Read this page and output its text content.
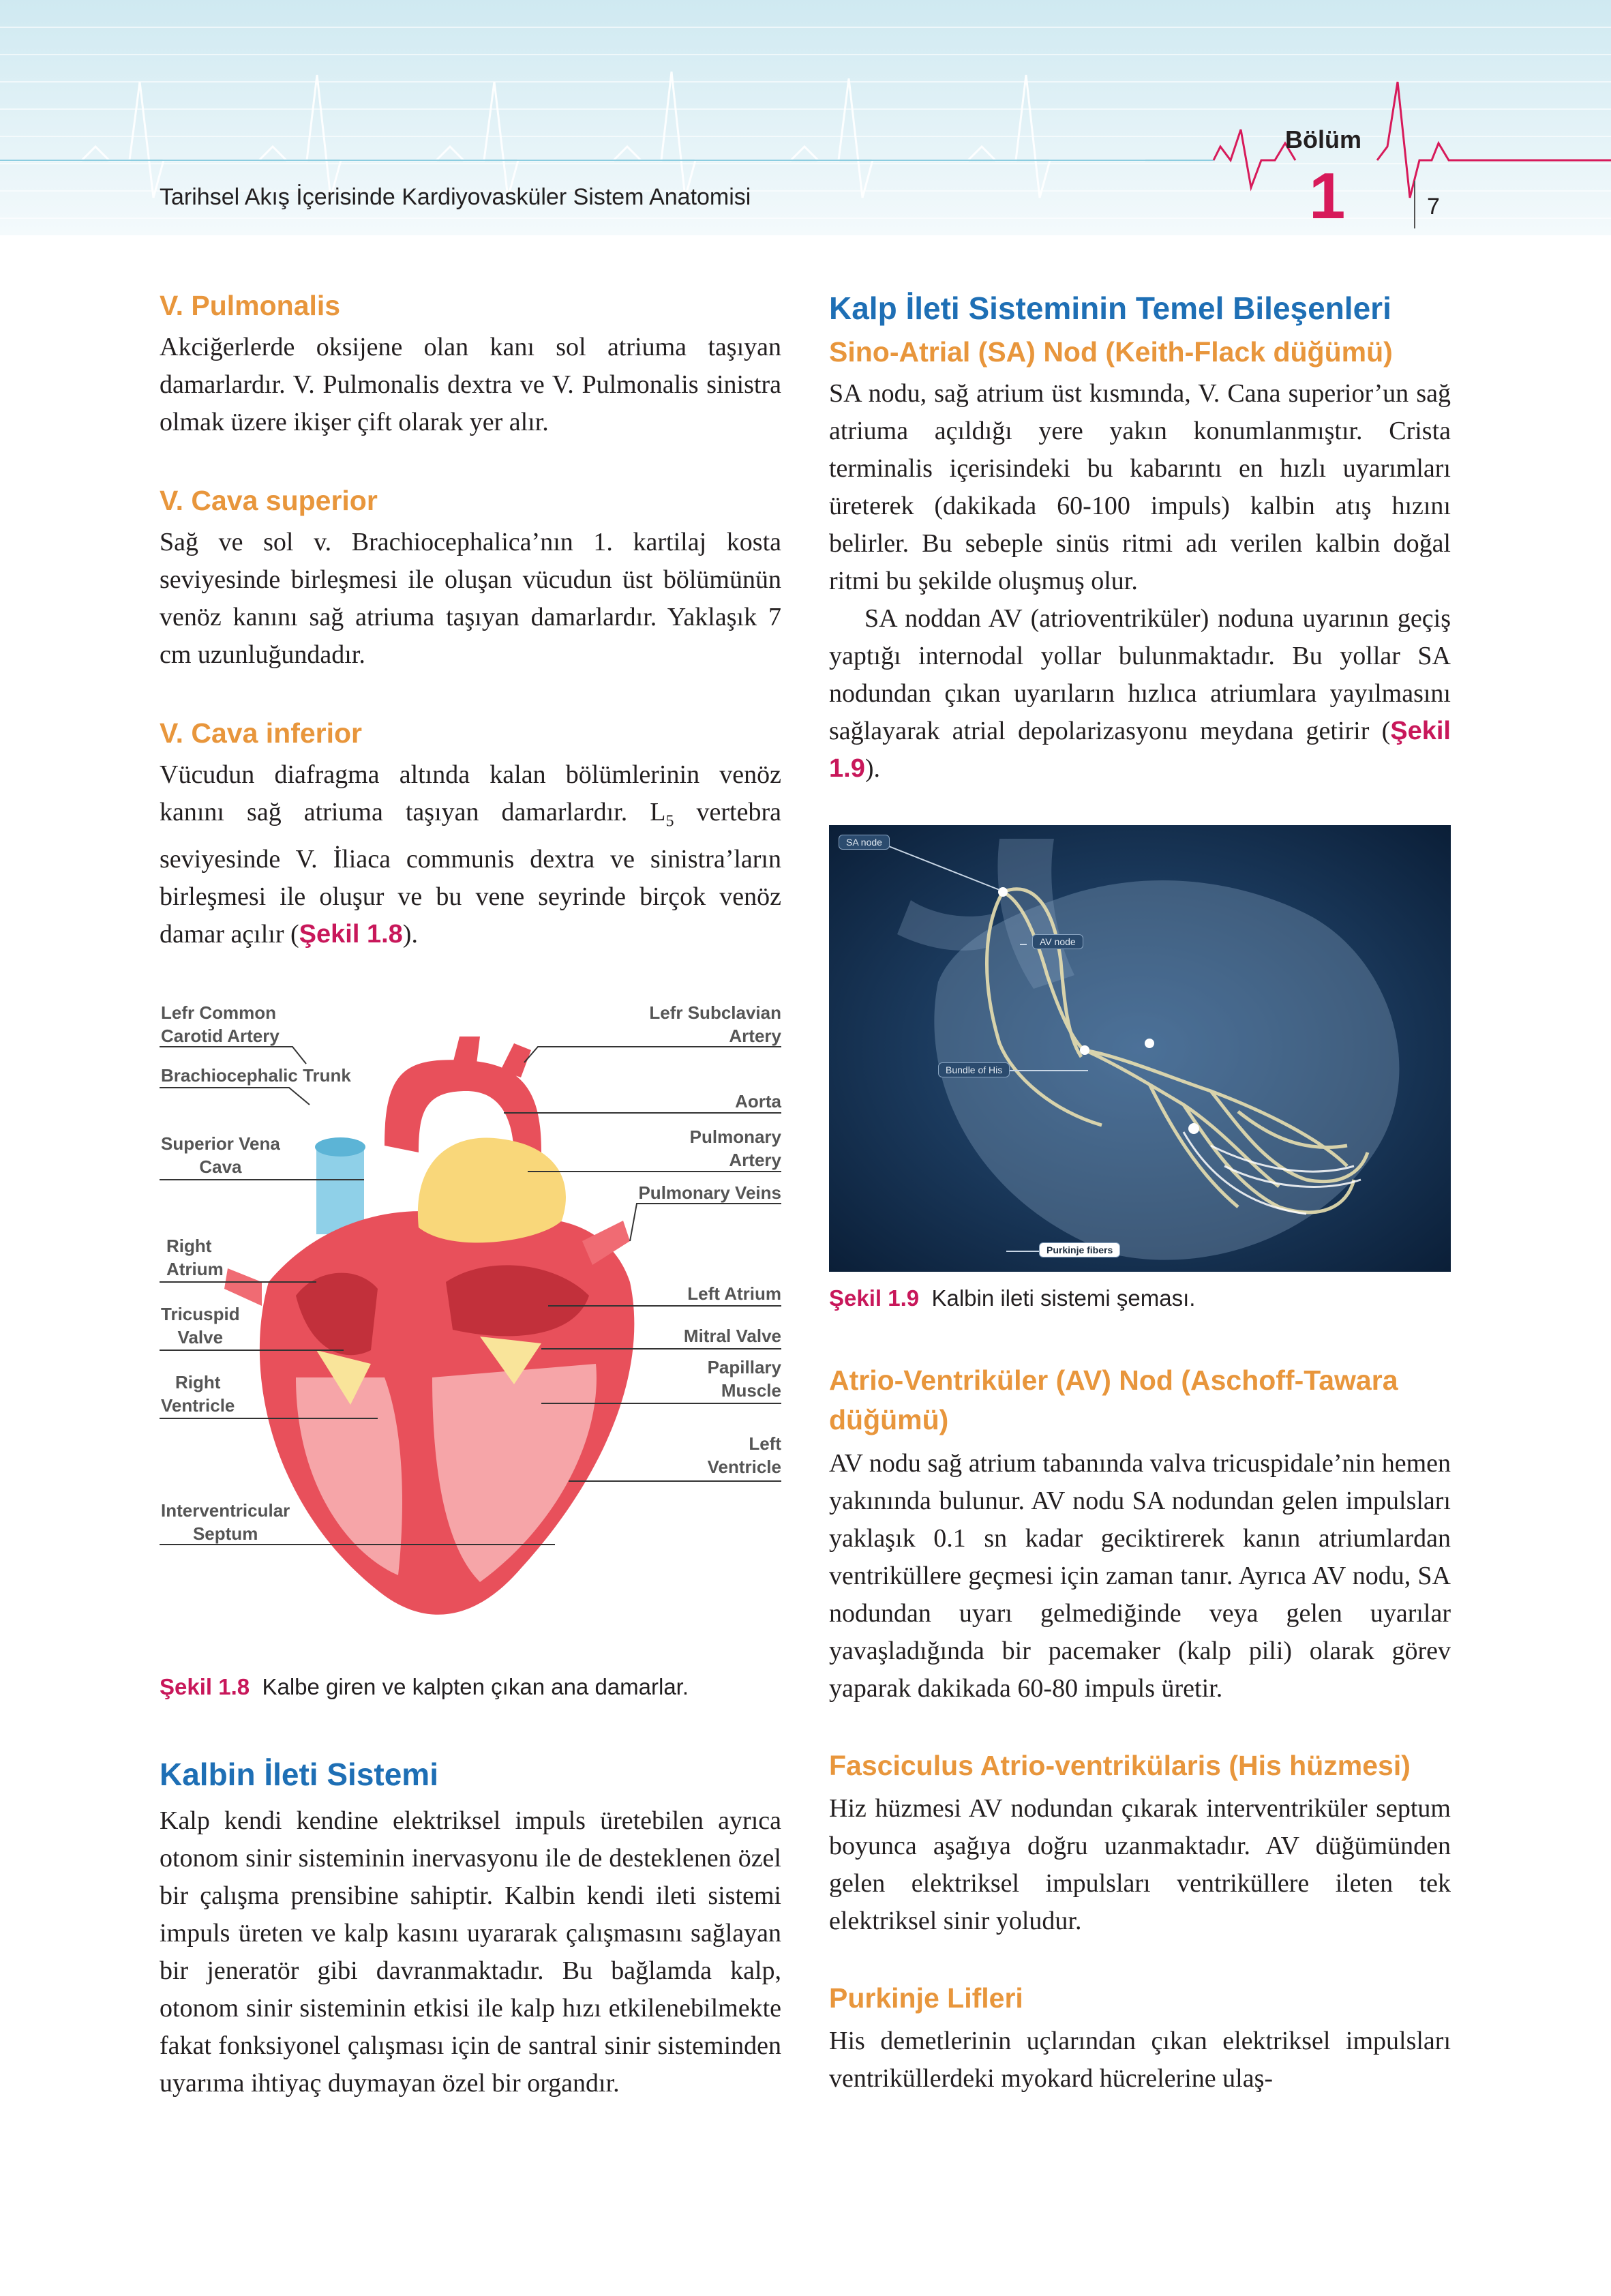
Tarihsel Akış İçerisinde Kardiyovasküler Sistem Anatomisi
Bölüm
1	7
V. Pulmonalis

Akciğerlerde oksijene olan kanı sol atriuma taşıyan damarlardır. V. Pulmonalis dextra ve V. Pulmonalis sinistra olmak üzere ikişer çift olarak yer alır.

V. Cava superior

Sağ ve sol v. Brachiocephalica’nın 1. kartilaj kosta seviyesinde birleşmesi ile oluşan vücudun üst bölümünün venöz kanını sağ atriuma taşıyan damarlardır. Yaklaşık 7 cm uzunluğundadır.

V. Cava inferior

Vücudun diafragma altında kalan bölümlerinin venöz kanını sağ atriuma taşıyan damarlardır. $L_5$ vertebra seviyesinde V. İliaca communis dextra ve sinistra’ların birleşmesi ile oluşur ve bu vene seyrinde birçok venöz damar açılır (Şekil 1.8).

Lefr Common
Carotid Artery
Lefr Subclavian
Artery
Brachiocephalic Trunk
Aorta
Superior Vena
Cava
Pulmonary
Artery
Pulmonary Veins
Right
Atrium
Left Atrium
Tricuspid
Valve	Mitral Valve
Papillary
Muscle
Right
Ventricle
Left
Ventricle
Interventricular
Septum
Şekil 1.8 Kalbe giren ve kalpten çıkan ana damarlar.
Kalbin İleti Sistemi

Kalp kendi kendine elektriksel impuls üretebilen ayrıca otonom sinir sisteminin inervasyonu ile de desteklenen özel bir çalışma prensibine sahiptir. Kalbin kendi ileti sistemi impuls üreten ve kalp kasını uyararak çalışmasını sağlayan bir jeneratör gibi davranmaktadır. Bu bağlamda kalp, otonom sinir sisteminin etkisi ile kalp hızı etkilenebilmekte fakat fonksiyonel çalışması için de santral sinir sisteminden uyarıma ihtiyaç duymayan özel bir organdır.

Kalp İleti Sisteminin Temel Bileşenleri
Sino-Atrial (SA) Nod (Keith-Flack düğümü)

SA nodu, sağ atrium üst kısmında, V. Cana superior’un sağ atriuma açıldığı yere yakın konumlanmıştır. Crista terminalis içerisindeki bu kabarıntı en hızlı uyarımları üreterek (dakikada 60-100 impuls) kalbin atış hızını belirler. Bu sebeple sinüs ritmi adı verilen kalbin doğal ritmi bu şekilde oluşmuş olur.

SA noddan AV (atrioventriküler) noduna uyarının geçiş yaptığı internodal yollar bulunmaktadır. Bu yollar SA nodundan çıkan uyarıların hızlıca atriumlara yayılmasını sağlayarak atrial depolarizasyonu meydana getirir (Şekil 1.9).

SA node
AV node
Bundle of His
Purkinje fibers
Şekil 1.9 Kalbin ileti sistemi şeması.
Atrio-Ventriküler (AV) Nod (Aschoff-Tawara düğümü)

AV nodu sağ atrium tabanında valva tricuspidale’nin hemen yakınında bulunur. AV nodu SA nodundan gelen impulsları yaklaşık 0.1 sn kadar geciktirerek kanın atriumlardan ventriküllere geçmesi için zaman tanır. Ayrıca AV nodu, SA nodundan uyarı gelmediğinde veya gelen uyarılar yavaşladığında bir pacemaker (kalp pili) olarak görev yaparak dakikada 60-80 impuls üretir.

Fasciculus Atrio-ventrikülaris (His hüzmesi)

Hiz hüzmesi AV nodundan çıkarak interventriküler septum boyunca aşağıya doğru uzanmaktadır. AV düğümünden gelen elektriksel impulsları ventriküllere ileten tek elektriksel sinir yoludur.

Purkinje Lifleri

His demetlerinin uçlarından çıkan elektriksel impulsları ventriküllerdeki myokard hücrelerine ulaş-
